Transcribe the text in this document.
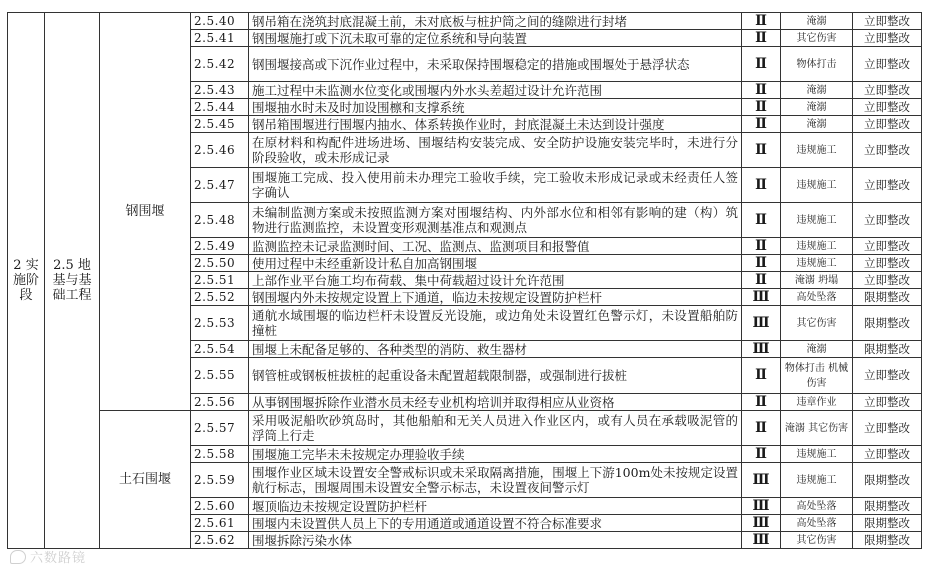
2 实施阶段	2.5 地基与基础工程	钢围堰	2.5.40	钢吊箱在浇筑封底混凝土前，未对底板与桩护筒之间的缝隙进行封堵	Ⅱ	淹溺	立即整改
			2.5.41	钢围堰施打或下沉未取可靠的定位系统和导向装置	Ⅱ	其它伤害	立即整改
			2.5.42	钢围堰接高或下沉作业过程中，未采取保持围堰稳定的措施或围堰处于悬浮状态	Ⅱ	物体打击	立即整改
			2.5.43	施工过程中未监测水位变化或围堰内外水头差超过设计允许范围	Ⅱ	淹溺	立即整改
			2.5.44	围堰抽水时未及时加设围檩和支撑系统	Ⅱ	淹溺	立即整改
			2.5.45	钢吊箱围堰进行围堰内抽水、体系转换作业时，封底混凝土未达到设计强度	Ⅱ	淹溺	立即整改
			2.5.46	在原材料和构配件进场进场、围堰结构安装完成、安全防护设施安装完毕时，未进行分阶段验收，或未形成记录	Ⅱ	违规施工	立即整改
			2.5.47	围堰施工完成、投入使用前未办理完工验收手续，完工验收未形成记录或未经责任人签字确认	Ⅱ	违规施工	立即整改
			2.5.48	未编制监测方案或未按照监测方案对围堰结构、内外部水位和相邻有影响的建（构）筑物进行监测监控，未设置变形观测基准点和观测点	Ⅱ	违规施工	立即整改
			2.5.49	监测监控未记录监测时间、工况、监测点、监测项目和报警值	Ⅱ	违规施工	立即整改
			2.5.50	使用过程中未经重新设计私自加高钢围堰	Ⅱ	违规施工	立即整改
			2.5.51	上部作业平台施工均布荷载、集中荷载超过设计允许范围	Ⅱ	淹溺 坍塌	立即整改
			2.5.52	钢围堰内外未按规定设置上下通道，临边未按规定设置防护栏杆	Ⅲ	高处坠落	限期整改
			2.5.53	通航水域围堰的临边栏杆未设置反光设施，或边角处未设置红色警示灯，未设置船舶防撞桩	Ⅲ	其它伤害	限期整改
			2.5.54	围堰上未配备足够的、各种类型的消防、救生器材	Ⅲ	淹溺	限期整改
			2.5.55	钢管桩或钢板桩拔桩的起重设备未配置超载限制器，或强制进行拔桩	Ⅱ	物体打击 机械伤害	立即整改
			2.5.56	从事钢围堰拆除作业潜水员未经专业机构培训并取得相应从业资格	Ⅱ	违章作业	立即整改
		土石围堰	2.5.57	采用吸泥船吹砂筑岛时，其他船舶和无关人员进入作业区内，或有人员在承载吸泥管的浮筒上行走	Ⅱ	淹溺 其它伤害	立即整改
			2.5.58	围堰施工完毕未未按规定办理验收手续	Ⅱ	违规施工	立即整改
			2.5.59	围堰作业区域未设置安全警戒标识或未采取隔离措施，围堰上下游100m处未按规定设置航行标志，围堰周围未设置安全警示标志，未设置夜间警示灯	Ⅲ	违规施工	限期整改
			2.5.60	堰顶临边未按规定设置防护栏杆	Ⅲ	高处坠落	限期整改
			2.5.61	围堰内未设置供人员上下的专用通道或通道设置不符合标准要求	Ⅲ	高处坠落	限期整改
			2.5.62	围堰拆除污染水体	Ⅲ	其它伤害	限期整改
六数路镜
